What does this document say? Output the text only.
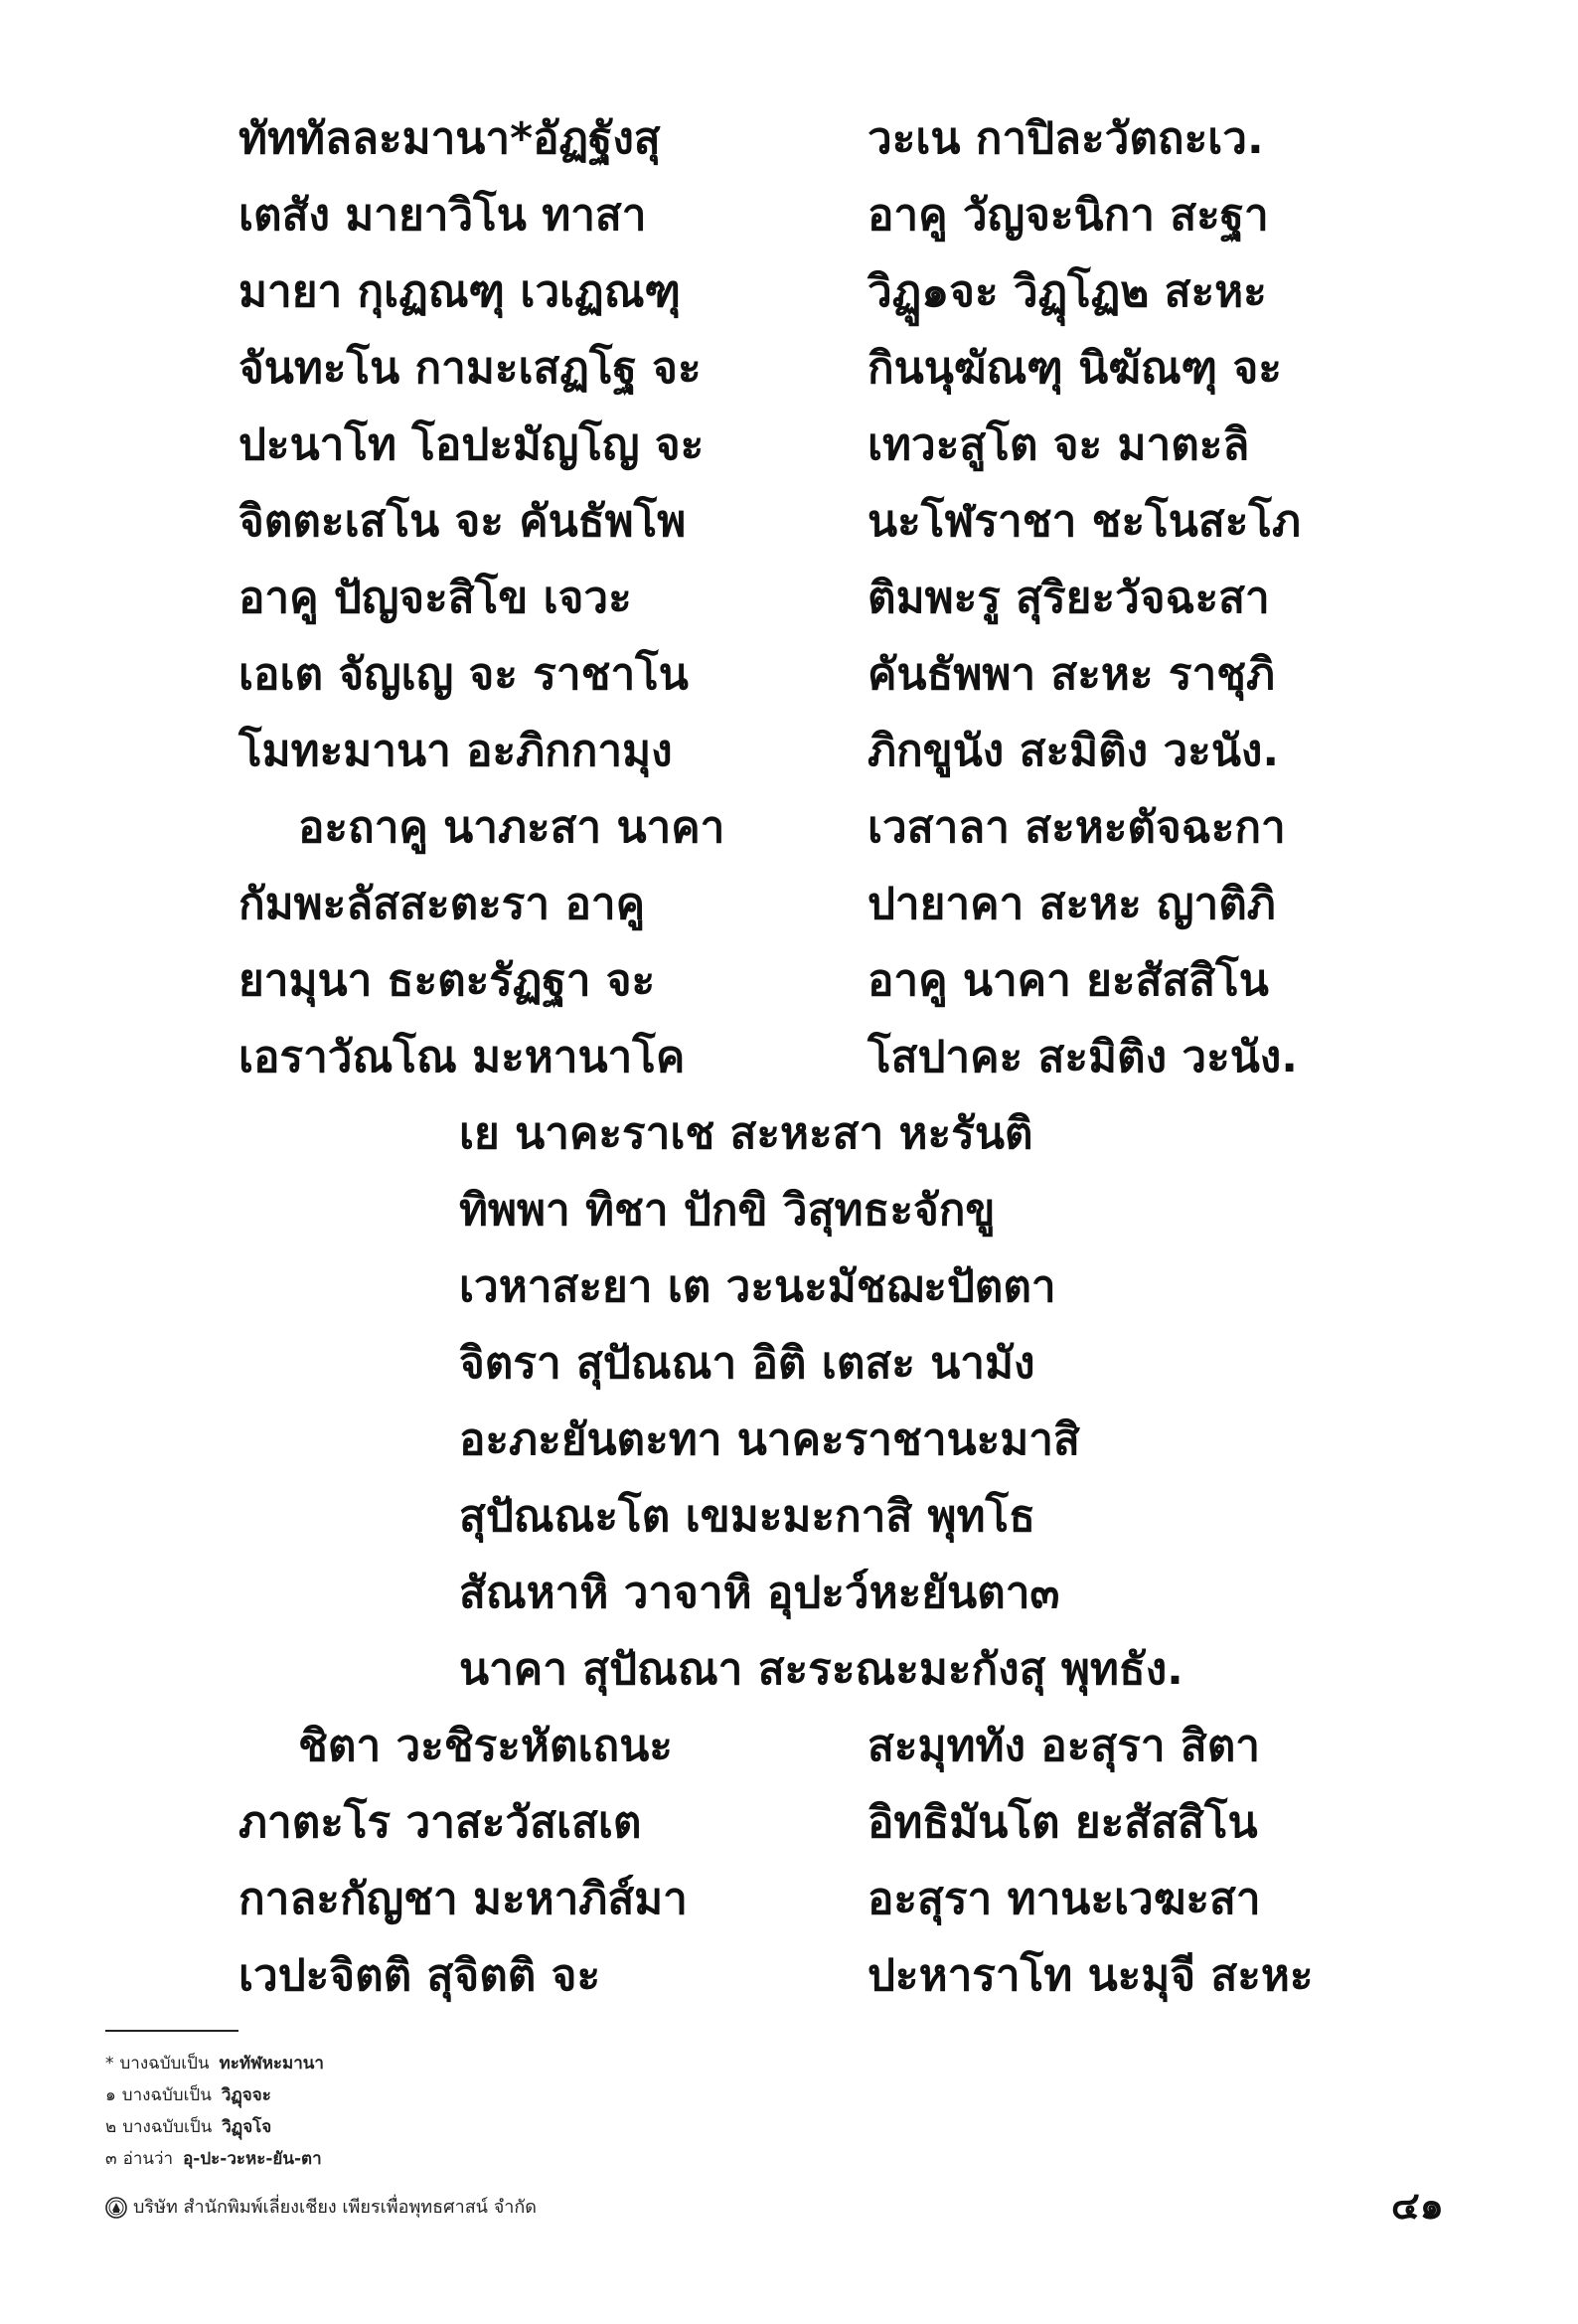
ทัททัลละมานา*อัฏฐังสุ
เตสัง มายาวิโน ทาสา
มายา กุเฏณฑุ เวเฏณฑุ
จันทะโน กามะเสฏโฐ จะ
ปะนาโท โอปะมัญโญ จะ
จิตตะเสโน จะ คันธัพโพ
อาคู ปัญจะสิโข เจวะ
เอเต จัญเญ จะ ราชาโน
โมทะมานา อะภิกกามุง
อะถาคู นาภะสา นาคา
กัมพะลัสสะตะรา อาคู
ยามุนา ธะตะรัฏฐา จะ
เอราวัณโณ มะหานาโค
วะเน กาปิละวัตถะเว.
อาคู วัญจะนิกา สะฐา
วิฏู๑จะ วิฏุโฏ๒ สะหะ
กินนุฆัณฑุ นิฆัณฑุ จะ
เทวะสูโต จะ มาตะลิ
นะโฬราชา ชะโนสะโภ
ติมพะรู สุริยะวัจฉะสา
คันธัพพา สะหะ ราชุภิ
ภิกขูนัง สะมิติง วะนัง.
เวสาลา สะหะตัจฉะกา
ปายาคา สะหะ ญาติภิ
อาคู นาคา ยะสัสสิโน
โสปาคะ สะมิติง วะนัง.
เย นาคะราเช สะหะสา หะรันติ
ทิพพา ทิชา ปักขิ วิสุทธะจักขู
เวหาสะยา เต วะนะมัชฌะปัตตา
จิตรา สุปัณณา อิติ เตสะ นามัง
อะภะยันตะทา นาคะราชานะมาสิ
สุปัณณะโต เขมะมะกาสิ พุทโธ
สัณหาหิ วาจาหิ อุปะว์หะยันตา๓
นาคา สุปัณณา สะระณะมะกังสุ พุทธัง.
ชิตา วะชิระหัตเถนะ
ภาตะโร วาสะวัสเสเต
กาละกัญชา มะหาภิส์มา
เวปะจิตติ สุจิตติ จะ
สะมุททัง อะสุรา สิตา
อิทธิมันโต ยะสัสสิโน
อะสุรา ทานะเวฆะสา
ปะหาราโท นะมุจี สะหะ
* บางฉบับเป็น ทะทัฬหะมานา
๑ บางฉบับเป็น วิฏุจจะ
๒ บางฉบับเป็น วิฏุจโจ
๓ อ่านว่า อุ-ปะ-วะหะ-ยัน-ตา
บริษัท สำนักพิมพ์เลี่ยงเชียง เพียรเพื่อพุทธศาสน์ จำกัด	๔๑
